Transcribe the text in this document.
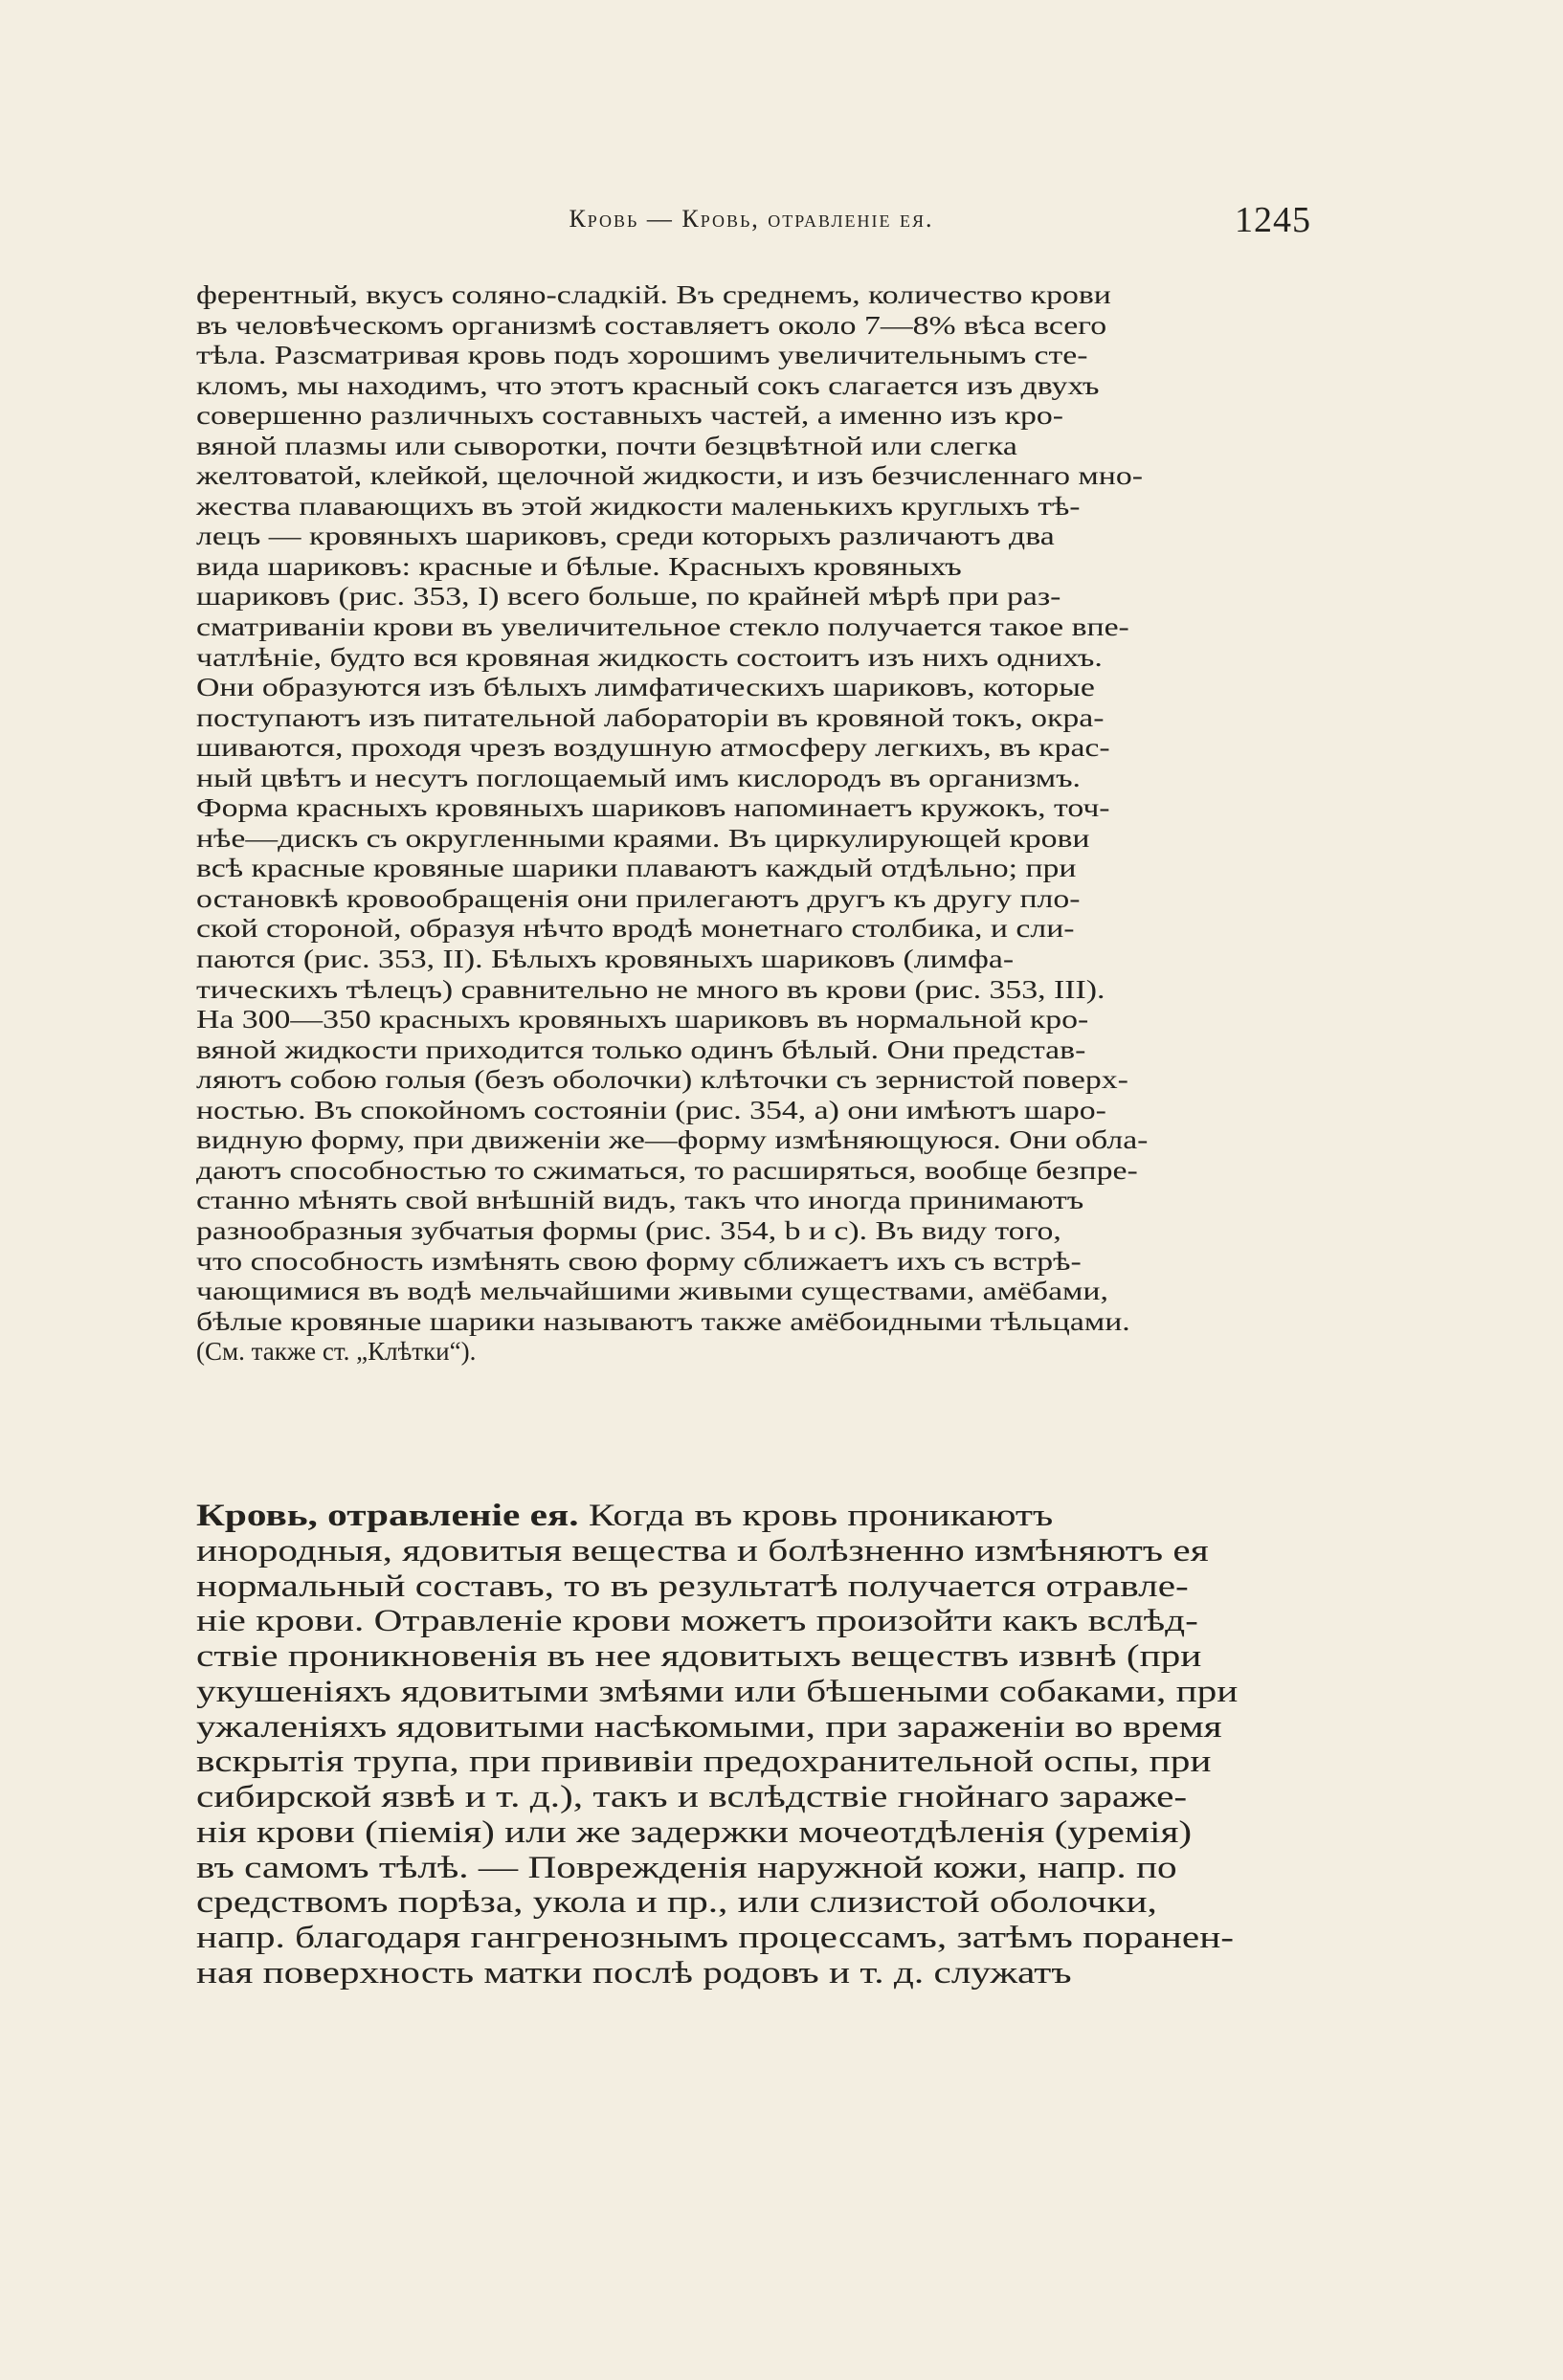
Кровь — Кровь, отравленіе ея.	1245
ферентный, вкусъ соляно-сладкій. Въ среднемъ, количество крови
въ человѣческомъ организмѣ составляетъ около 7—8% вѣса всего
тѣла. Разсматривая кровь подъ хорошимъ увеличительнымъ сте-
кломъ, мы находимъ, что этотъ красный сокъ слагается изъ двухъ
совершенно различныхъ составныхъ частей, а именно изъ кро-
вяной плазмы или сыворотки, почти безцвѣтной или слегка
желтоватой, клейкой, щелочной жидкости, и изъ безчисленнаго мно-
жества плавающихъ въ этой жидкости маленькихъ круглыхъ тѣ-
лецъ — кровяныхъ шариковъ, среди которыхъ различаютъ два
вида шариковъ: красные и бѣлые. Красныхъ кровяныхъ
шариковъ (рис. 353, I) всего больше, по крайней мѣрѣ при раз-
сматриваніи крови въ увеличительное стекло получается такое впе-
чатлѣніе, будто вся кровяная жидкость состоитъ изъ нихъ однихъ.
Они образуются изъ бѣлыхъ лимфатическихъ шариковъ, которые
поступаютъ изъ питательной лабораторіи въ кровяной токъ, окра-
шиваются, проходя чрезъ воздушную атмосферу легкихъ, въ крас-
ный цвѣтъ и несутъ поглощаемый имъ кислородъ въ организмъ.
Форма красныхъ кровяныхъ шариковъ напоминаетъ кружокъ, точ-
нѣе—дискъ съ округленными краями. Въ циркулирующей крови
всѣ красные кровяные шарики плаваютъ каждый отдѣльно; при
остановкѣ кровообращенія они прилегаютъ другъ къ другу пло-
ской стороной, образуя нѣчто вродѣ монетнаго столбика, и сли-
паются (рис. 353, II). Бѣлыхъ кровяныхъ шариковъ (лимфа-
тическихъ тѣлецъ) сравнительно не много въ крови (рис. 353, III).
На 300—350 красныхъ кровяныхъ шариковъ въ нормальной кро-
вяной жидкости приходится только одинъ бѣлый. Они представ-
ляютъ собою голыя (безъ оболочки) клѣточки съ зернистой поверх-
ностью. Въ спокойномъ состояніи (рис. 354, a) они имѣютъ шаро-
видную форму, при движеніи же—форму измѣняющуюся. Они обла-
даютъ способностью то сжиматься, то расширяться, вообще безпре-
станно мѣнять свой внѣшній видъ, такъ что иногда принимаютъ
разнообразныя зубчатыя формы (рис. 354, b и c). Въ виду того,
что способность измѣнять свою форму сближаетъ ихъ съ встрѣ-
чающимися въ водѣ мельчайшими живыми существами, амёбами,
бѣлые кровяные шарики называютъ также амёбоидными тѣльцами.
(См. также ст. „Клѣтки“).
Кровь, отравленіе ея. Когда въ кровь проникаютъ
инородныя, ядовитыя вещества и болѣзненно измѣняютъ ея
нормальный составъ, то въ результатѣ получается отравле-
ніе крови. Отравленіе крови можетъ произойти какъ вслѣд-
ствіе проникновенія въ нее ядовитыхъ веществъ извнѣ (при
укушеніяхъ ядовитыми змѣями или бѣшеными собаками, при
ужаленіяхъ ядовитыми насѣкомыми, при зараженіи во время
вскрытія трупа, при прививіи предохранительной оспы, при
сибирской язвѣ и т. д.), такъ и вслѣдствіе гнойнаго зараже-
нія крови (піемія) или же задержки мочеотдѣленія (уремія)
въ самомъ тѣлѣ. — Поврежденія наружной кожи, напр. по
средствомъ порѣза, укола и пр., или слизистой оболочки,
напр. благодаря гангренознымъ процессамъ, затѣмъ поранен-
ная поверхность матки послѣ родовъ и т. д. служатъ
